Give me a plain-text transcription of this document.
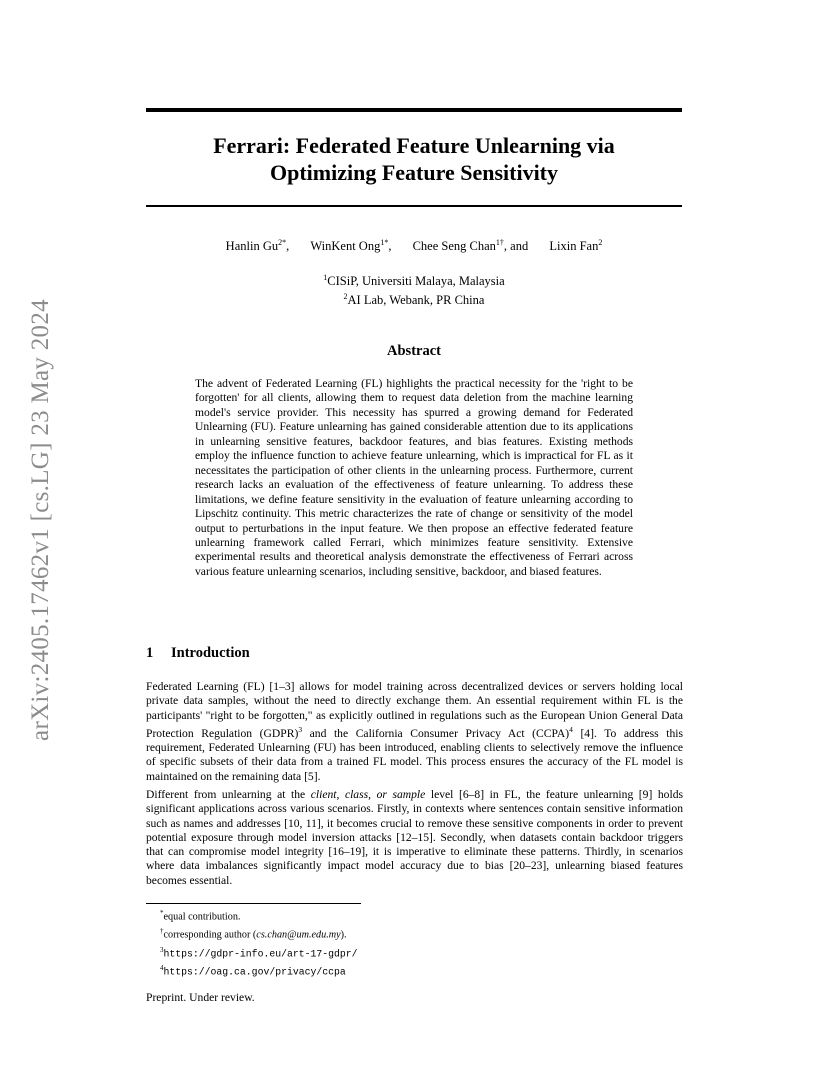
arXiv:2405.17462v1 [cs.LG] 23 May 2024
Ferrari: Federated Feature Unlearning via
Optimizing Feature Sensitivity
Hanlin $Gu^{2*}$, WinKent Ong$^{1*}$, Chee Seng Chan$^{1\dagger}$, and Lixin Fan$^2$
$^1$CISiP, Universiti Malaya, Malaysia
$^2$AI Lab, Webank, PR China
Abstract
The advent of Federated Learning (FL) highlights the practical necessity for the 'right to be forgotten' for all clients, allowing them to request data deletion from the machine learning model's service provider. This necessity has spurred a growing demand for Federated Unlearning (FU). Feature unlearning has gained considerable attention due to its applications in unlearning sensitive features, backdoor features, and bias features. Existing methods employ the influence function to achieve feature unlearning, which is impractical for FL as it necessitates the participation of other clients in the unlearning process. Furthermore, current research lacks an evaluation of the effectiveness of feature unlearning. To address these limitations, we define feature sensitivity in the evaluation of feature unlearning according to Lipschitz continuity. This metric characterizes the rate of change or sensitivity of the model output to perturbations in the input feature. We then propose an effective federated feature unlearning framework called Ferrari, which minimizes feature sensitivity. Extensive experimental results and theoretical analysis demonstrate the effectiveness of Ferrari across various feature unlearning scenarios, including sensitive, backdoor, and biased features.
1 Introduction
Federated Learning (FL) [1–3] allows for model training across decentralized devices or servers holding local private data samples, without the need to directly exchange them. An essential requirement within FL is the participants' "right to be forgotten," as explicitly outlined in regulations such as the European Union General Data Protection Regulation (GDPR)$^3$ and the California Consumer Privacy Act (CCPA)$^4$ [4]. To address this requirement, Federated Unlearning (FU) has been introduced, enabling clients to selectively remove the influence of specific subsets of their data from a trained FL model. This process ensures the accuracy of the FL model is maintained on the remaining data [5].
Different from unlearning at the client, class, or sample level [6–8] in FL, the feature unlearning [9] holds significant applications across various scenarios. Firstly, in contexts where sentences contain sensitive information such as names and addresses [10, 11], it becomes crucial to remove these sensitive components in order to prevent potential exposure through model inversion attacks [12–15]. Secondly, when datasets contain backdoor triggers that can compromise model integrity [16–19], it is imperative to eliminate these patterns. Thirdly, in scenarios where data imbalances significantly impact model accuracy due to bias [20–23], unlearning biased features becomes essential.
*equal contribution.
†corresponding author (cs.chan@um.edu.my).
$^3$https://gdpr-info.eu/art-17-gdpr/
$^4$https://oag.ca.gov/privacy/ccpa
Preprint. Under review.
